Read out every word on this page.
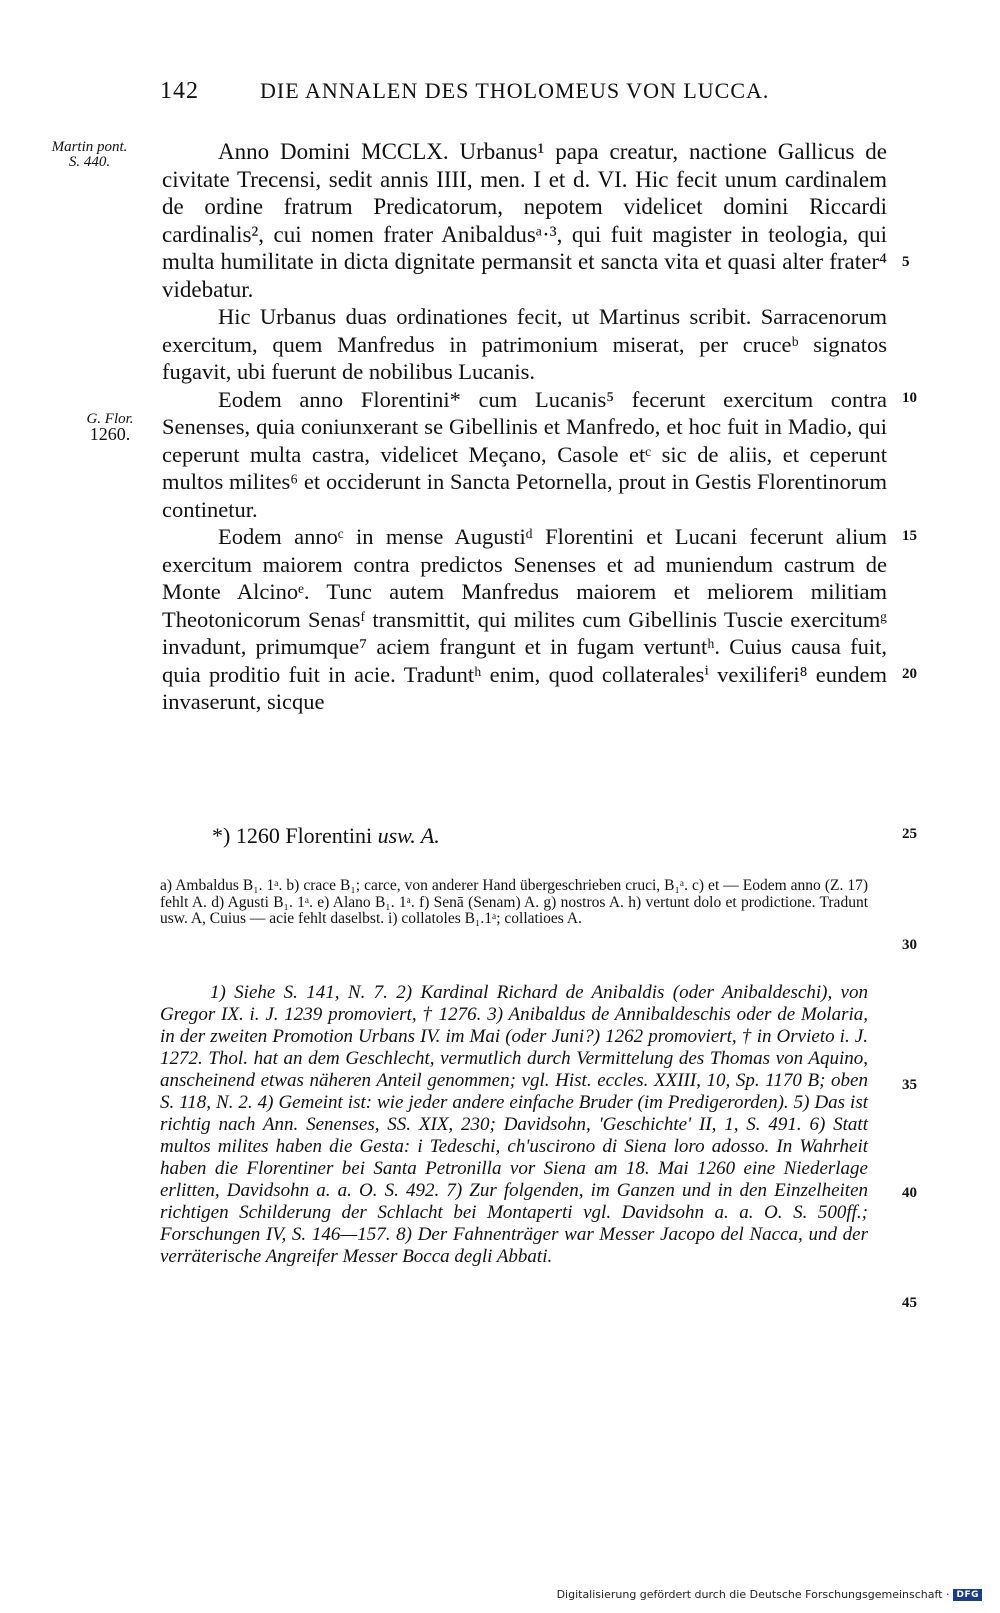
142	DIE ANNALEN DES THOLOMEUS VON LUCCA.
Martin pont.
S. 440.
G. Flor.
1260.

Anno Domini MCCLX. Urbanus¹ papa creatur, nactione Gallicus de civitate Trecensi, sedit annis IIII, men. I et d. VI. Hic fecit unum cardinalem de ordine fratrum Predicatorum, nepotem videlicet domini Riccardi cardinalis², cui nomen frater Anibaldusᵃ·³, qui fuit magister in teologia, qui multa humilitate in dicta dignitate permansit et sancta vita et quasi alter frater⁴ videbatur.

Hic Urbanus duas ordinationes fecit, ut Martinus scribit. Sarracenorum exercitum, quem Manfredus in patrimonium miserat, per cruceᵇ signatos fugavit, ubi fuerunt de nobilibus Lucanis.

Eodem anno Florentini* cum Lucanis⁵ fecerunt exercitum contra Senenses, quia coniunxerant se Gibellinis et Manfredo, et hoc fuit in Madio, qui ceperunt multa castra, videlicet Meçano, Casole etᶜ sic de aliis, et ceperunt multos milites⁶ et occiderunt in Sancta Petornella, prout in Gestis Florentinorum continetur.

Eodem annoᶜ in mense Augustiᵈ Florentini et Lucani fecerunt alium exercitum maiorem contra predictos Senenses et ad muniendum castrum de Monte Alcinoᵉ. Tunc autem Manfredus maiorem et meliorem militiam Theotonicorum Senasᶠ transmittit, qui milites cum Gibellinis Tuscie exercitumᵍ invadunt, primumque⁷ aciem frangunt et in fugam vertuntʰ. Cuius causa fuit, quia proditio fuit in acie. Traduntʰ enim, quod collateralesⁱ vexiliferi⁸ eundem invaserunt, sicque

5
10
15
20
25
30
35
40
45
*) 1260 Florentini usw. A.
a) Ambaldus B₁. 1ᵃ. b) crace B₁; carce, von anderer Hand übergeschrieben cruci, B₁ᵃ. c) et — Eodem anno (Z. 17) fehlt A. d) Agusti B₁. 1ᵃ. e) Alano B₁. 1ᵃ. f) Senā (Senam) A. g) nostros A. h) vertunt dolo et prodictione. Tradunt usw. A, Cuius — acie fehlt daselbst. i) collatoles B₁.1ᵃ; collatioes A.

1) Siehe S. 141, N. 7. 2) Kardinal Richard de Anibaldis (oder Anibaldeschi), von Gregor IX. i. J. 1239 promoviert, † 1276. 3) Anibaldus de Annibaldeschis oder de Molaria, in der zweiten Promotion Urbans IV. im Mai (oder Juni?) 1262 promoviert, † in Orvieto i. J. 1272. Thol. hat an dem Geschlecht, vermutlich durch Vermittelung des Thomas von Aquino, anscheinend etwas näheren Anteil genommen; vgl. Hist. eccles. XXIII, 10, Sp. 1170 B; oben S. 118, N. 2. 4) Gemeint ist: wie jeder andere einfache Bruder (im Predigerorden). 5) Das ist richtig nach Ann. Senenses, SS. XIX, 230; Davidsohn, 'Geschichte' II, 1, S. 491. 6) Statt multos milites haben die Gesta: i Tedeschi, ch'uscirono di Siena loro adosso. In Wahrheit haben die Florentiner bei Santa Petronilla vor Siena am 18. Mai 1260 eine Niederlage erlitten, Davidsohn a. a. O. S. 492. 7) Zur folgenden, im Ganzen und in den Einzelheiten richtigen Schilderung der Schlacht bei Montaperti vgl. Davidsohn a. a. O. S. 500ff.; Forschungen IV, S. 146—157. 8) Der Fahnenträger war Messer Jacopo del Nacca, und der verräterische Angreifer Messer Bocca degli Abbati.

Digitalisierung gefördert durch die Deutsche Forschungsgemeinschaft · DFG
